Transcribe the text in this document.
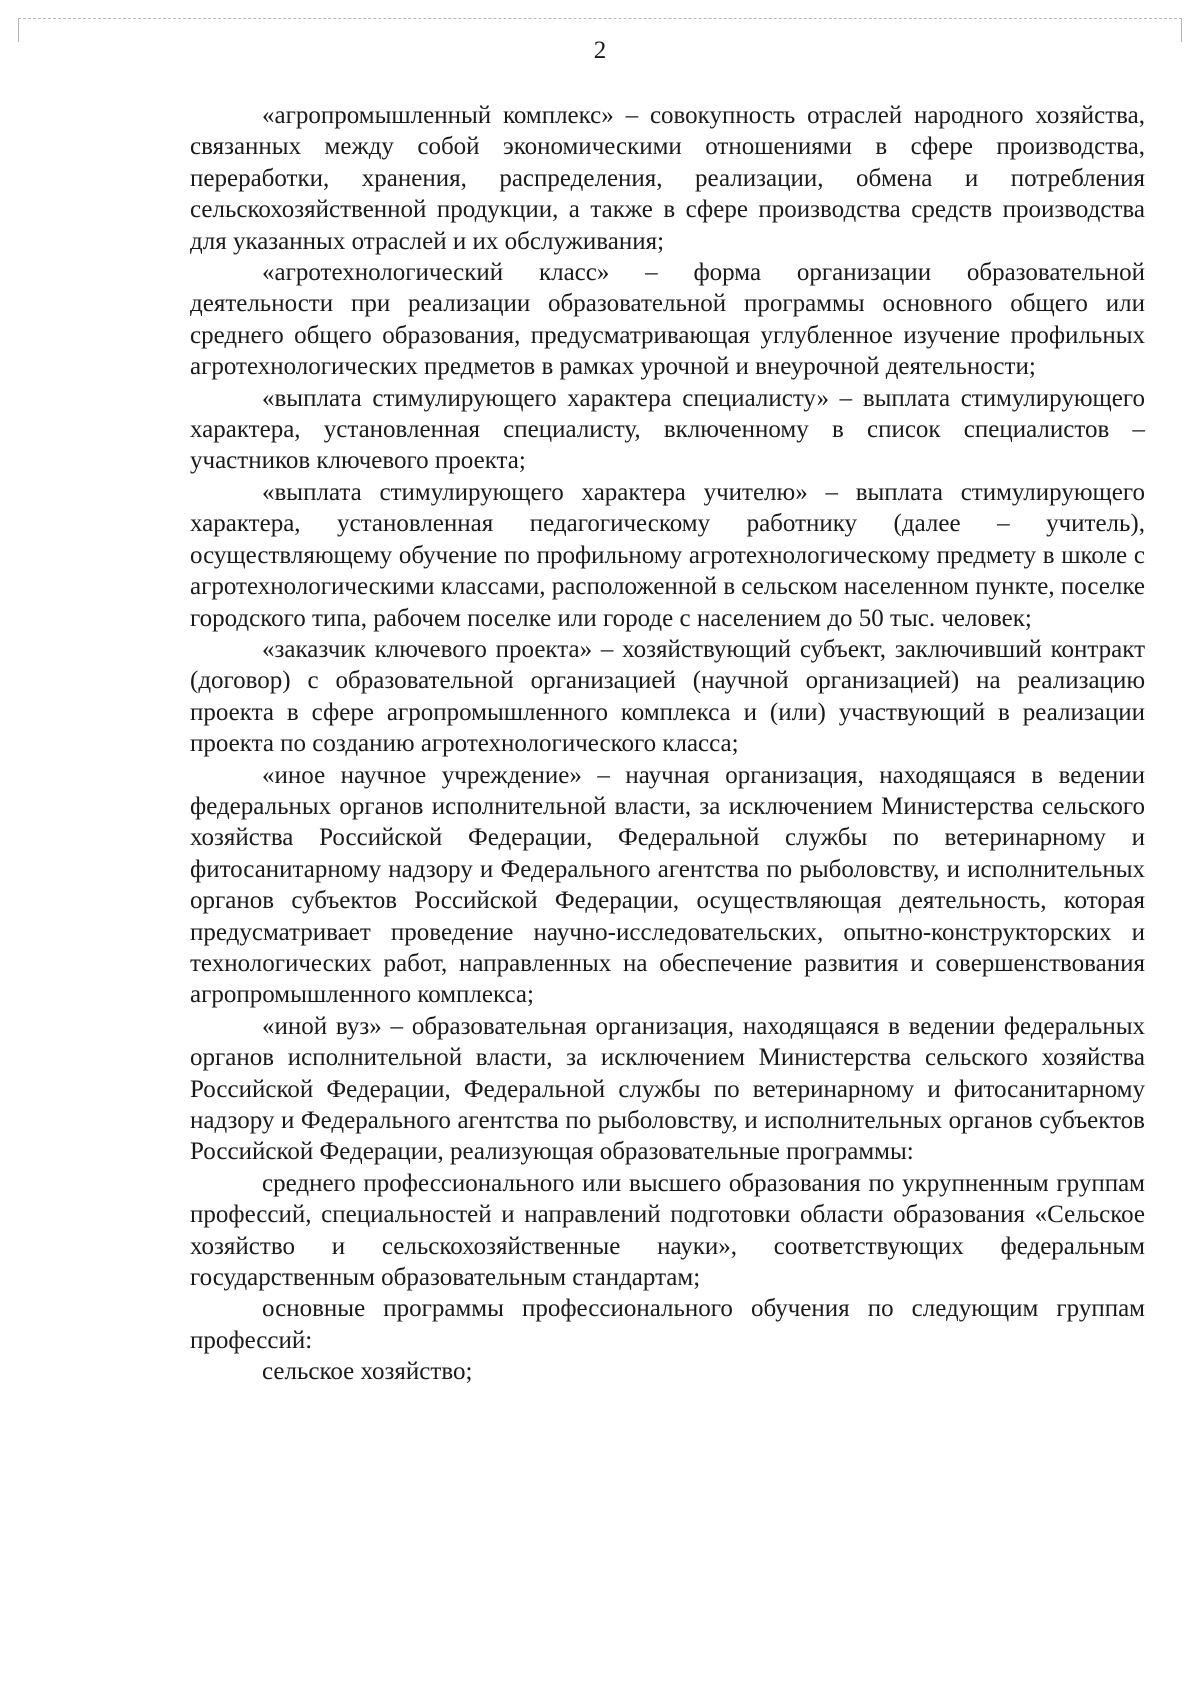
2

«агропромышленный комплекс» – совокупность отраслей народного хозяйства, связанных между собой экономическими отношениями в сфере производства, переработки, хранения, распределения, реализации, обмена и потребления сельскохозяйственной продукции, а также в сфере производства средств производства для указанных отраслей и их обслуживания;

«агротехнологический класс» – форма организации образовательной деятельности при реализации образовательной программы основного общего или среднего общего образования, предусматривающая углубленное изучение профильных агротехнологических предметов в рамках урочной и внеурочной деятельности;

«выплата стимулирующего характера специалисту» – выплата стимулирующего характера, установленная специалисту, включенному в список специалистов – участников ключевого проекта;

«выплата стимулирующего характера учителю» – выплата стимулирующего характера, установленная педагогическому работнику (далее – учитель), осуществляющему обучение по профильному агротехнологическому предмету в школе с агротехнологическими классами, расположенной в сельском населенном пункте, поселке городского типа, рабочем поселке или городе с населением до 50 тыс. человек;

«заказчик ключевого проекта» – хозяйствующий субъект, заключивший контракт (договор) с образовательной организацией (научной организацией) на реализацию проекта в сфере агропромышленного комплекса и (или) участвующий в реализации проекта по созданию агротехнологического класса;

«иное научное учреждение» – научная организация, находящаяся в ведении федеральных органов исполнительной власти, за исключением Министерства сельского хозяйства Российской Федерации, Федеральной службы по ветеринарному и фитосанитарному надзору и Федерального агентства по рыболовству, и исполнительных органов субъектов Российской Федерации, осуществляющая деятельность, которая предусматривает проведение научно-исследовательских, опытно-конструкторских и технологических работ, направленных на обеспечение развития и совершенствования агропромышленного комплекса;

«иной вуз» – образовательная организация, находящаяся в ведении федеральных органов исполнительной власти, за исключением Министерства сельского хозяйства Российской Федерации, Федеральной службы по ветеринарному и фитосанитарному надзору и Федерального агентства по рыболовству, и исполнительных органов субъектов Российской Федерации, реализующая образовательные программы:

среднего профессионального или высшего образования по укрупненным группам профессий, специальностей и направлений подготовки области образования «Сельское хозяйство и сельскохозяйственные науки», соответствующих федеральным государственным образовательным стандартам;

основные программы профессионального обучения по следующим группам профессий:

сельское хозяйство;
